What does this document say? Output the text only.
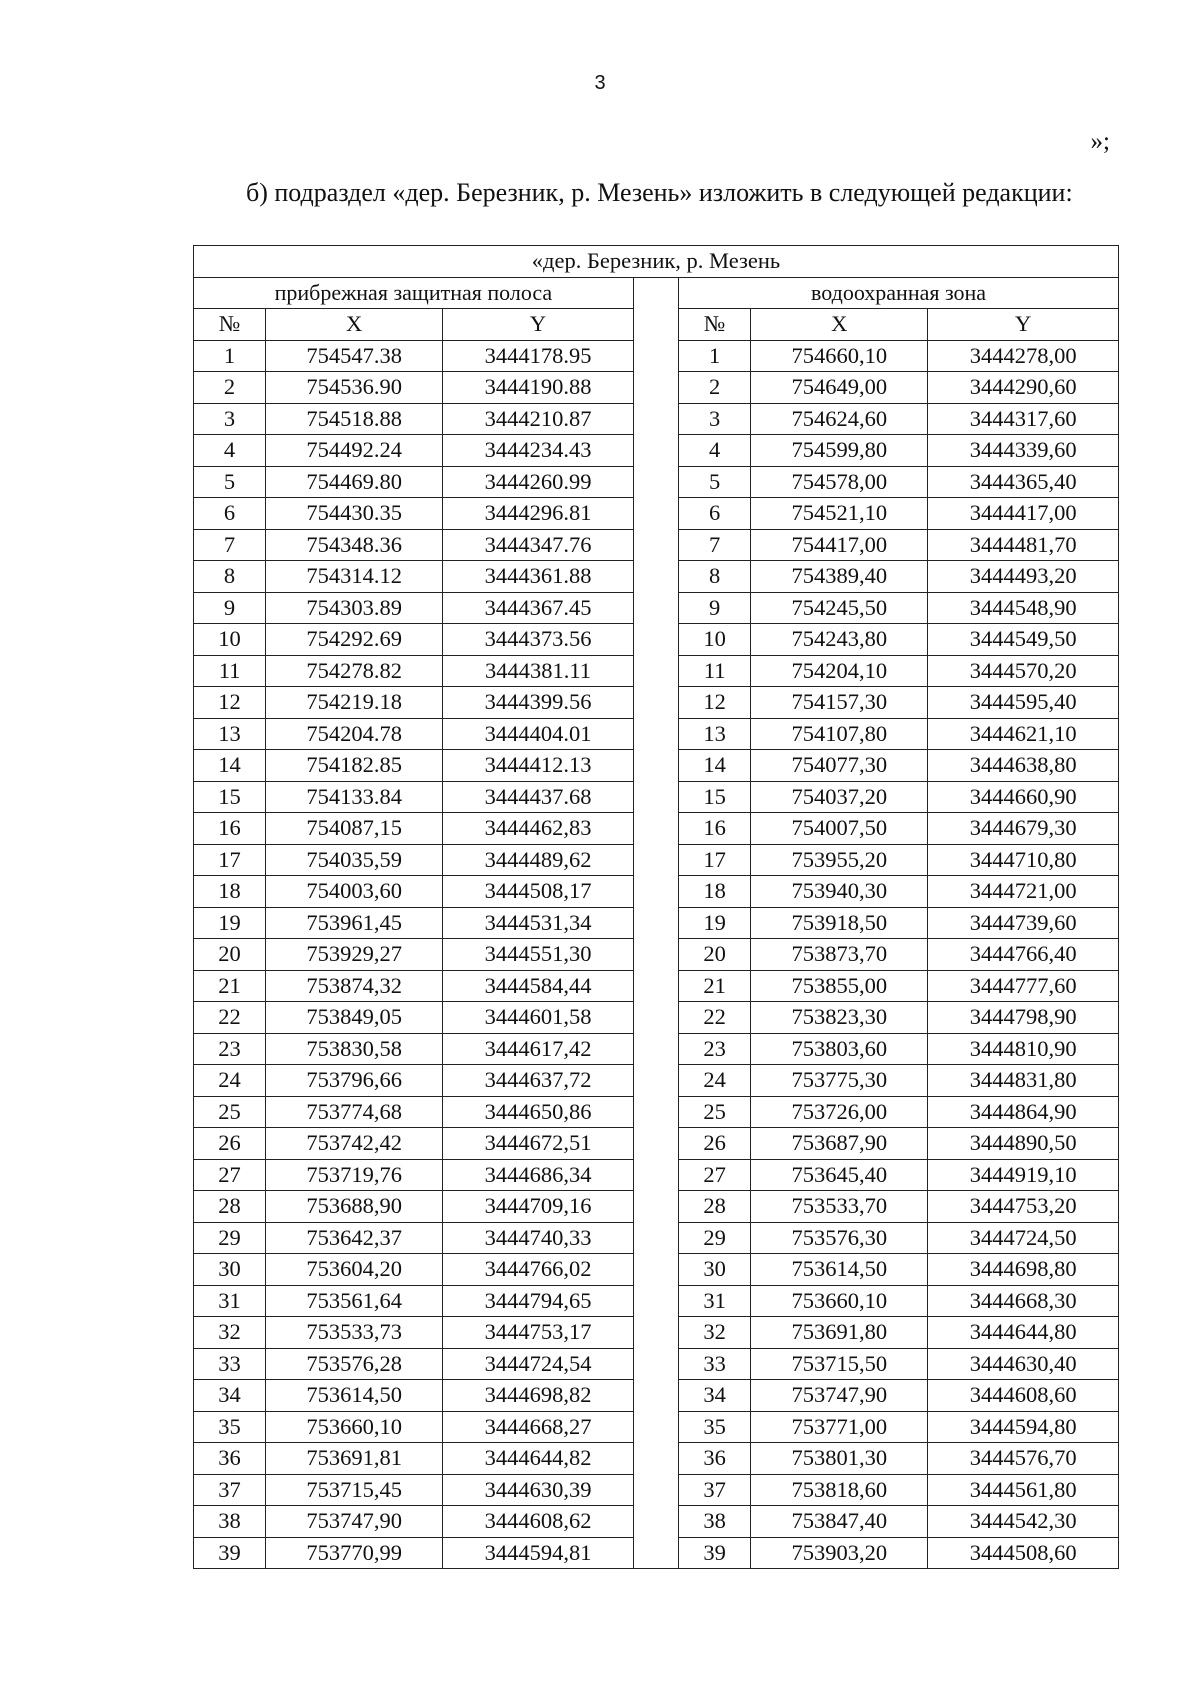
3
»;
б) подраздел «дер. Березник, р. Мезень» изложить в следующей редакции:
«дер. Березник, р. Мезень						
прибрежная защитная полоса				водоохранная зона		
№	X	Y		№	X	Y
1	754547.38	3444178.95		1	754660,10	3444278,00
2	754536.90	3444190.88		2	754649,00	3444290,60
3	754518.88	3444210.87		3	754624,60	3444317,60
4	754492.24	3444234.43		4	754599,80	3444339,60
5	754469.80	3444260.99		5	754578,00	3444365,40
6	754430.35	3444296.81		6	754521,10	3444417,00
7	754348.36	3444347.76		7	754417,00	3444481,70
8	754314.12	3444361.88		8	754389,40	3444493,20
9	754303.89	3444367.45		9	754245,50	3444548,90
10	754292.69	3444373.56		10	754243,80	3444549,50
11	754278.82	3444381.11		11	754204,10	3444570,20
12	754219.18	3444399.56		12	754157,30	3444595,40
13	754204.78	3444404.01		13	754107,80	3444621,10
14	754182.85	3444412.13		14	754077,30	3444638,80
15	754133.84	3444437.68		15	754037,20	3444660,90
16	754087,15	3444462,83		16	754007,50	3444679,30
17	754035,59	3444489,62		17	753955,20	3444710,80
18	754003,60	3444508,17		18	753940,30	3444721,00
19	753961,45	3444531,34		19	753918,50	3444739,60
20	753929,27	3444551,30		20	753873,70	3444766,40
21	753874,32	3444584,44		21	753855,00	3444777,60
22	753849,05	3444601,58		22	753823,30	3444798,90
23	753830,58	3444617,42		23	753803,60	3444810,90
24	753796,66	3444637,72		24	753775,30	3444831,80
25	753774,68	3444650,86		25	753726,00	3444864,90
26	753742,42	3444672,51		26	753687,90	3444890,50
27	753719,76	3444686,34		27	753645,40	3444919,10
28	753688,90	3444709,16		28	753533,70	3444753,20
29	753642,37	3444740,33		29	753576,30	3444724,50
30	753604,20	3444766,02		30	753614,50	3444698,80
31	753561,64	3444794,65		31	753660,10	3444668,30
32	753533,73	3444753,17		32	753691,80	3444644,80
33	753576,28	3444724,54		33	753715,50	3444630,40
34	753614,50	3444698,82		34	753747,90	3444608,60
35	753660,10	3444668,27		35	753771,00	3444594,80
36	753691,81	3444644,82		36	753801,30	3444576,70
37	753715,45	3444630,39		37	753818,60	3444561,80
38	753747,90	3444608,62		38	753847,40	3444542,30
39	753770,99	3444594,81		39	753903,20	3444508,60
